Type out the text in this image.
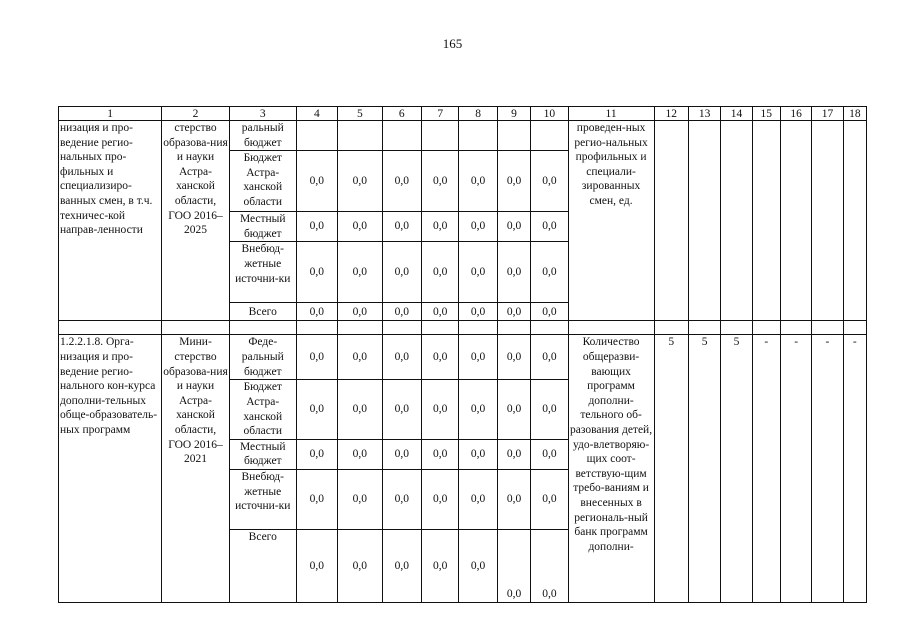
165
1	2	3	4	5	6	7	8	9	10	11	12	13	14	15	16	17	18
низация и про-ведение регио-нальных про-фильных и специализиро-ванных смен, в т.ч. техничес-кой направ-ленности	стерство образова-ния и науки Астра-ханской области, ГОО 2016–2025	ральный бюджет								проведен-ных регио-нальных профильных и специали-зированных смен, ед.							
		Бюджет Астра-ханской области	0,0	0,0	0,0	0,0	0,0	0,0	0,0								
		Местный бюджет	0,0	0,0	0,0	0,0	0,0	0,0	0,0								
		Внебюд-жетные источни-ки	0,0	0,0	0,0	0,0	0,0	0,0	0,0								
		Всего	0,0	0,0	0,0	0,0	0,0	0,0	0,0								

1.2.2.1.8. Орга-низация и про-ведение регио-нального кон-курса дополни-тельных обще-образователь-ных программ	Мини-стерство образова-ния и науки Астра-ханской области, ГОО 2016–2021	Феде-ральный бюджет	0,0	0,0	0,0	0,0	0,0	0,0	0,0	Количество общеразви-вающих программ дополни-тельного об-разования детей, удо-влетворяю-щих соот-ветствую-щим требо-ваниям и внесенных в региональ-ный банк программ дополни-	5	5	5	-	-	-	-
		Бюджет Астра-ханской области	0,0	0,0	0,0	0,0	0,0	0,0	0,0								
		Местный бюджет	0,0	0,0	0,0	0,0	0,0	0,0	0,0								
		Внебюд-жетные источни-ки	0,0	0,0	0,0	0,0	0,0	0,0	0,0								
		Всего	0,0	0,0	0,0	0,0	0,0	0,0	0,0								
